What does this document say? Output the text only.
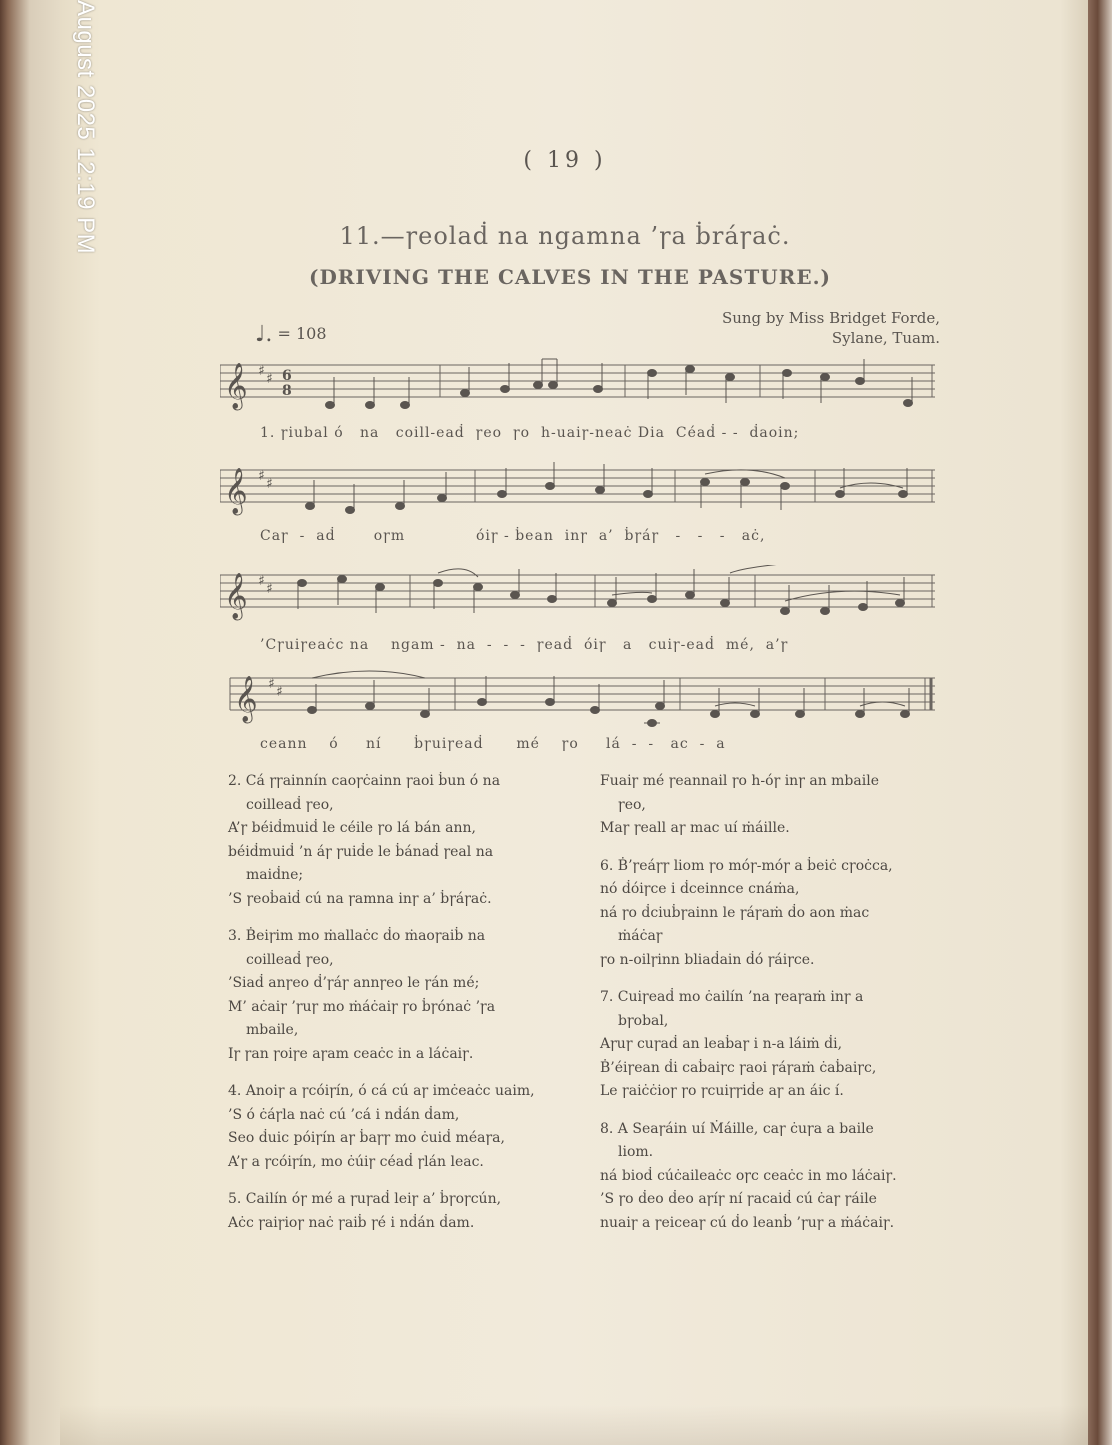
August 2025 12:19 PM	( 19 )
11.—ꞅeolaḋ na ngamna ’ꞅa ḃráꞅaċ.
(DRIVING THE CALVES IN THE PASTURE.)
Sung by Miss Bridget Forde,
Sylane, Tuam.
♩. = 108
𝄞 ♯ ♯ 6
8
1. ꞅiubal ó   na   coill-eaḋ  ꞅeo  ꞅo  h-uaiꞅ-neaċ Dia  Céaḋ - -  ḋaoin;
𝄞 ♯ ♯
Caꞅ  -  aḋ       oꞅm             óiꞅ - ḃean  inꞅ  a’  ḃꞅáꞅ   -   -   -   aċ,
𝄞 ♯ ♯
’Cꞅuiꞅeaċc na    ngam -  na  -  -  -  ꞅeaḋ  óiꞅ   a   cuiꞅ-eaḋ  mé,  a’ꞅ
𝄞 ♯ ♯
ceann    ó     ní      ḃꞅuiꞅeaḋ      mé    ꞅo     lá  -  -   ac  -  a
2. Cá ꞅꞅainnín caoꞅċainn ꞅaoi ḃun ó na
coilleaḋ ꞅeo,
A’ꞅ béiḋmuiḋ le céile ꞅo lá bán ann,
béiḋmuiḋ ’n áꞅ ꞅuiḋe le ḃánaḋ ꞅeal na
maiḋne;
’S ꞅeoḃaiḋ cú na ꞅamna inꞅ a’ ḃꞅáꞅaċ.
3. Ḃeiꞅim mo ṁallaċc ḋo ṁaoꞅaiḃ na
coilleaḋ ꞅeo,
’Siaḋ anꞅeo ḋ’ꞅáꞅ annꞅeo le ꞅán mé;
M’ aċaiꞅ ’ꞅuꞅ mo ṁáċaiꞅ ꞅo ḃꞅónaċ ’ꞅa
mbaile,
Iꞅ ꞅan ꞅoiꞅe aꞅam ceaċc in a láċaiꞅ.
4. Anoiꞅ a ꞅcóiꞅín, ó cá cú aꞅ imċeaċc uaim,
’S ó ċáꞅla naċ cú ’cá i nḋán ḋam,
Seo ḋuic póiꞅín aꞅ ḃaꞅꞅ mo ċuiḋ méaꞅa,
A’ꞅ a ꞅcóiꞅín, mo ċúiꞅ céaḋ ꞅlán leac.
5. Cailín óꞅ mé a ꞅuꞅaḋ leiꞅ a’ ḃꞅoꞅcún,
Aċc ꞅaiꞅioꞅ naċ ꞅaiḃ ꞅé i nḋán ḋam.
Fuaiꞅ mé ꞅeannail ꞅo h-óꞅ inꞅ an mbaile
ꞅeo,
Maꞅ ꞅeall aꞅ mac uí ṁáille.
6. Ḃ’ꞅeáꞅꞅ liom ꞅo móꞅ-móꞅ a ḃeiċ cꞅoċca,
nó ḋóiꞅce i ḋceinnce cnáṁa,
ná ꞅo ḋciuḃꞅainn le ꞅáꞅaṁ ḋo aon ṁac
ṁáċaꞅ
ꞅo n-oilꞅinn bliaḋain ḋó ꞅáiꞅce.
7. Cuiꞅeaḋ mo ċailín ’na ꞅeaꞅaṁ inꞅ a
bꞅobal,
Aꞅuꞅ cuꞅaḋ an leaḃaꞅ i n-a láiṁ ḋi,
Ḃ’éiꞅean ḋi caḃaiꞅc ꞅaoi ꞅáꞅaṁ ċaḃaiꞅc,
Le ꞅaiċċioꞅ ꞅo ꞅcuiꞅꞅiḋe aꞅ an áic í.
8. A Seaꞅáin uí Ṁáille, caꞅ ċuꞅa a baile
liom.
ná bioḋ cúċaileaċc oꞅc ceaċc in mo láċaiꞅ.
’S ꞅo ḋeo ḋeo aꞅíꞅ ní ꞅacaiḋ cú ċaꞅ ꞅáile
nuaiꞅ a ꞅeiceaꞅ cú ḋo leanḃ ’ꞅuꞅ a ṁáċaiꞅ.
